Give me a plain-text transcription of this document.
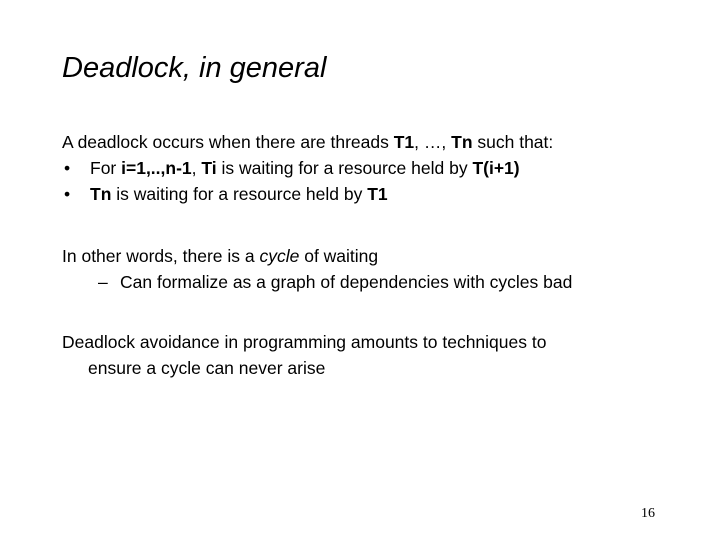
Deadlock, in general
A deadlock occurs when there are threads T1, …, Tn such that:
• For i=1,..,n-1, Ti is waiting for a resource held by T(i+1)
• Tn is waiting for a resource held by T1
In other words, there is a cycle of waiting
– Can formalize as a graph of dependencies with cycles bad
Deadlock avoidance in programming amounts to techniques to
ensure a cycle can never arise
16
